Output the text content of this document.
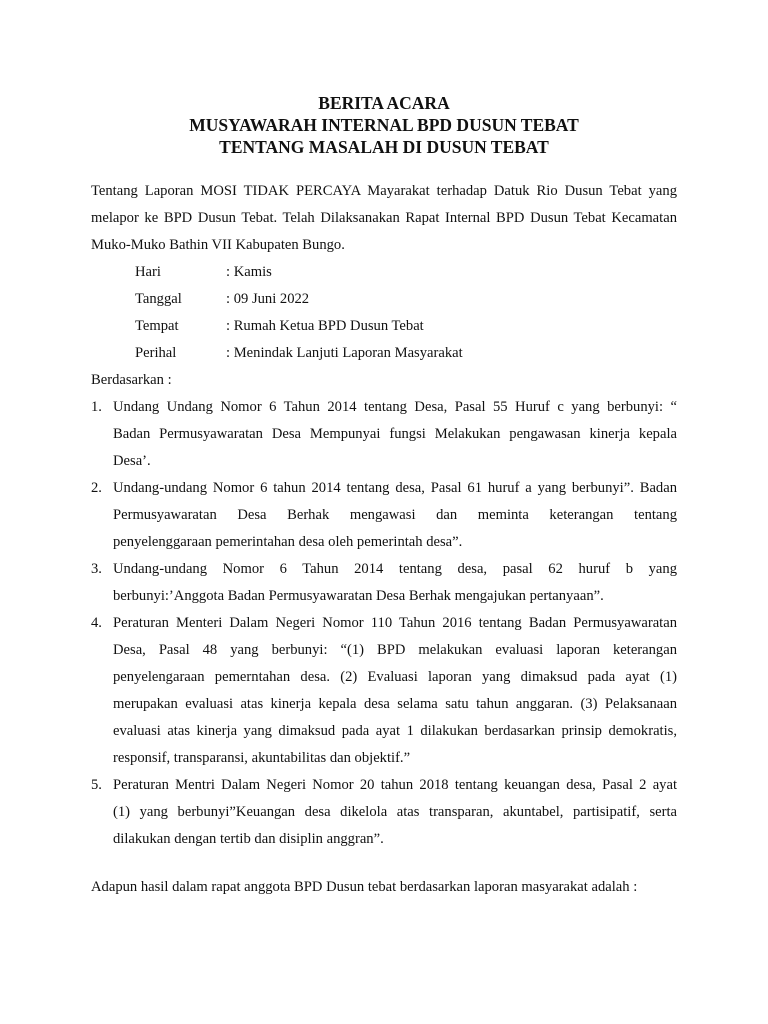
BERITA ACARA
MUSYAWARAH INTERNAL BPD DUSUN TEBAT
TENTANG MASALAH DI DUSUN TEBAT
Tentang Laporan MOSI TIDAK PERCAYA Mayarakat terhadap Datuk Rio Dusun Tebat yang
melapor ke BPD Dusun Tebat. Telah Dilaksanakan Rapat Internal BPD Dusun Tebat Kecamatan
Muko-Muko Bathin VII Kabupaten Bungo.
Hari	: Kamis
Tanggal	: 09 Juni 2022
Tempat	: Rumah Ketua BPD Dusun Tebat
Perihal	: Menindak Lanjuti Laporan Masyarakat
Berdasarkan :
1. Undang Undang Nomor 6 Tahun 2014 tentang Desa, Pasal 55 Huruf c yang berbunyi: “
Badan Permusyawaratan Desa Mempunyai fungsi Melakukan pengawasan kinerja kepala
Desa’.
2. Undang-undang Nomor 6 tahun 2014 tentang desa, Pasal 61 huruf a yang berbunyi”. Badan
Permusyawaratan Desa Berhak mengawasi dan meminta keterangan tentang
penyelenggaraan pemerintahan desa oleh pemerintah desa”.
3. Undang-undang Nomor 6 Tahun 2014 tentang desa, pasal 62 huruf b yang
berbunyi:’Anggota Badan Permusyawaratan Desa Berhak mengajukan pertanyaan”.
4. Peraturan Menteri Dalam Negeri Nomor 110 Tahun 2016 tentang Badan Permusyawaratan
Desa, Pasal 48 yang berbunyi: “(1) BPD melakukan evaluasi laporan keterangan
penyelengaraan pemerntahan desa. (2) Evaluasi laporan yang dimaksud pada ayat (1)
merupakan evaluasi atas kinerja kepala desa selama satu tahun anggaran. (3) Pelaksanaan
evaluasi atas kinerja yang dimaksud pada ayat 1 dilakukan berdasarkan prinsip demokratis,
responsif, transparansi, akuntabilitas dan objektif.”
5. Peraturan Mentri Dalam Negeri Nomor 20 tahun 2018 tentang keuangan desa, Pasal 2 ayat
(1) yang berbunyi”Keuangan desa dikelola atas transparan, akuntabel, partisipatif, serta
dilakukan dengan tertib dan disiplin anggran”.
Adapun hasil dalam rapat anggota BPD Dusun tebat berdasarkan laporan masyarakat adalah :
